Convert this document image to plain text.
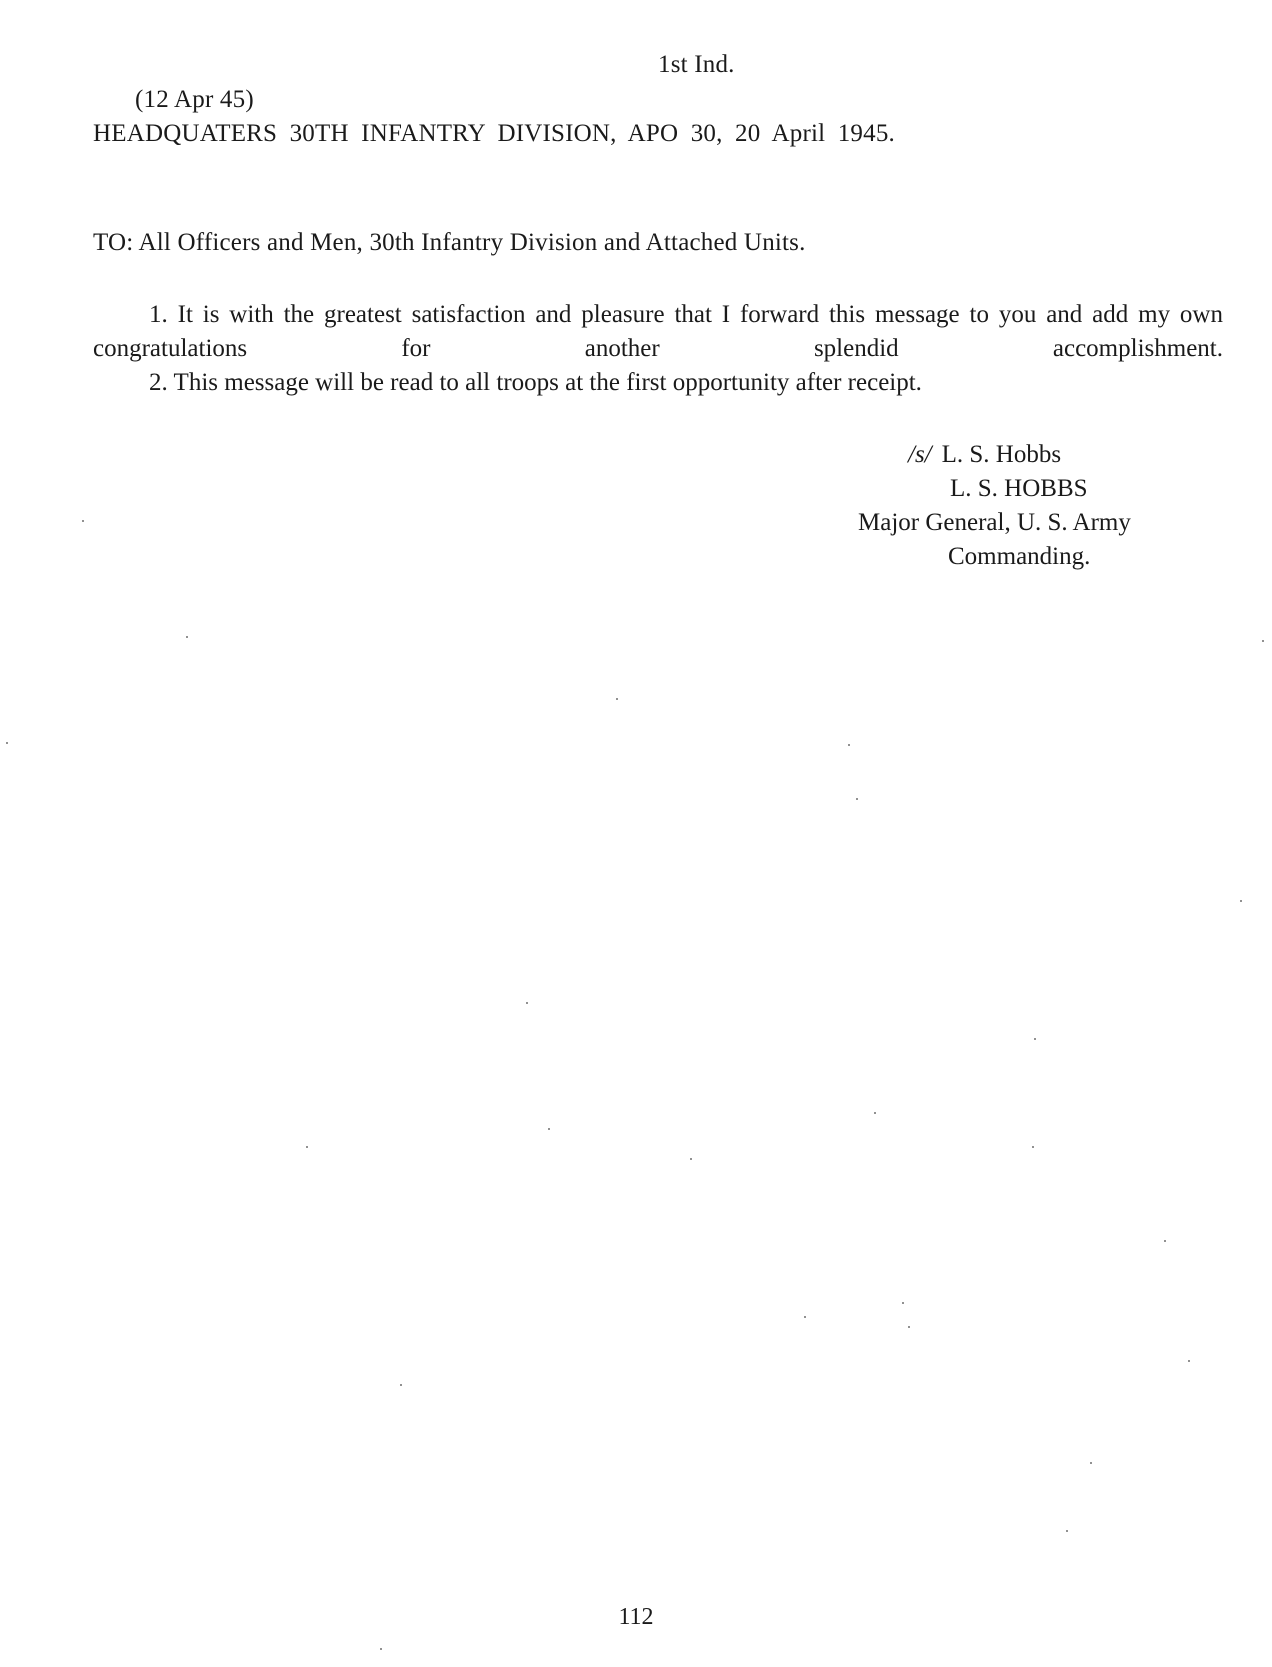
1st Ind.
(12 Apr 45)
HEADQUATERS 30TH INFANTRY DIVISION, APO 30, 20 April 1945.
TO: All Officers and Men, 30th Infantry Division and Attached Units.
1. It is with the greatest satisfaction and pleasure that I forward this message to you and add my own congratulations for another splendid accomplishment.
2. This message will be read to all troops at the first opportunity after receipt.
/s/ L. S. Hobbs
L. S. HOBBS
Major General, U. S. Army
Commanding.
112
